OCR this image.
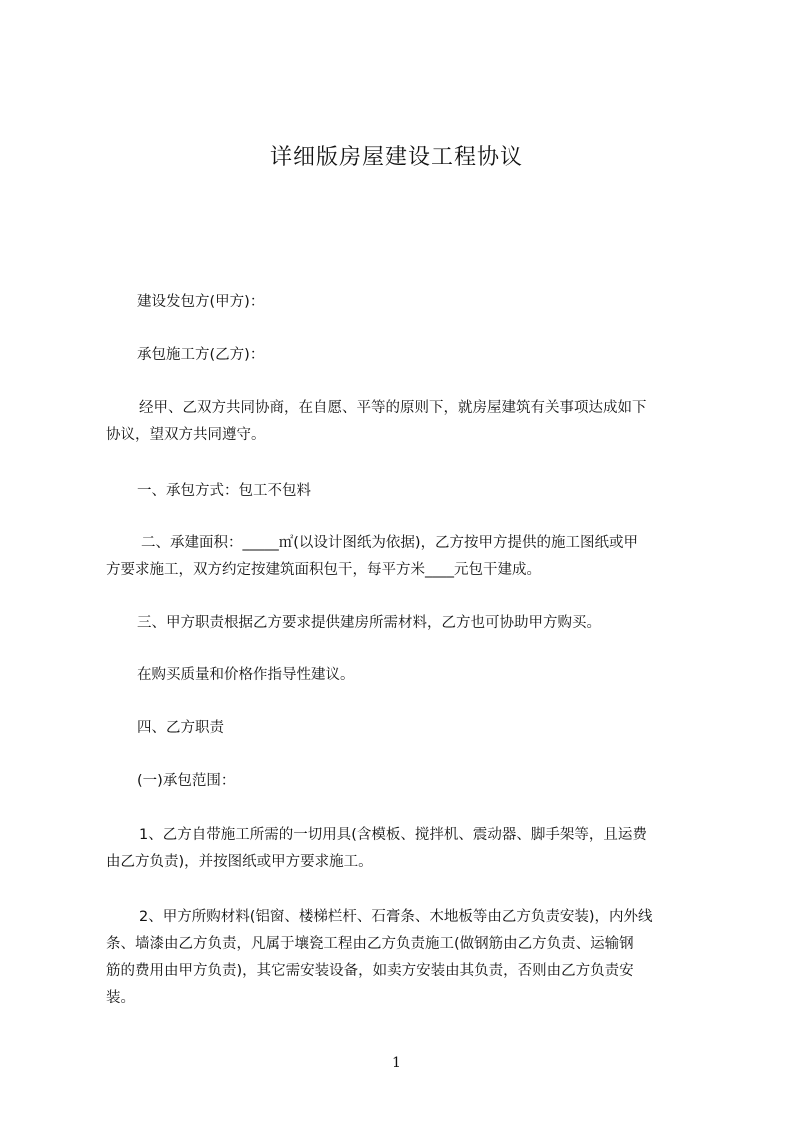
详细版房屋建设工程协议
建设发包方(甲方)：
承包施工方(乙方)：
经甲、乙双方共同协商，在自愿、平等的原则下，就房屋建筑有关事项达成如下
协议，望双方共同遵守。
一、承包方式：包工不包料
二、承建面积：_____㎡(以设计图纸为依据)，乙方按甲方提供的施工图纸或甲
方要求施工，双方约定按建筑面积包干，每平方米____元包干建成。
三、甲方职责根据乙方要求提供建房所需材料，乙方也可协助甲方购买。
在购买质量和价格作指导性建议。
四、乙方职责
(一)承包范围：
1、乙方自带施工所需的一切用具(含模板、搅拌机、震动器、脚手架等，且运费
由乙方负责)，并按图纸或甲方要求施工。
2、甲方所购材料(铝窗、楼梯栏杆、石膏条、木地板等由乙方负责安装)，内外线
条、墙漆由乙方负责，凡属于壤瓷工程由乙方负责施工(做钢筋由乙方负责、运输钢
筋的费用由甲方负责)，其它需安装设备，如卖方安装由其负责，否则由乙方负责安
装。
1
